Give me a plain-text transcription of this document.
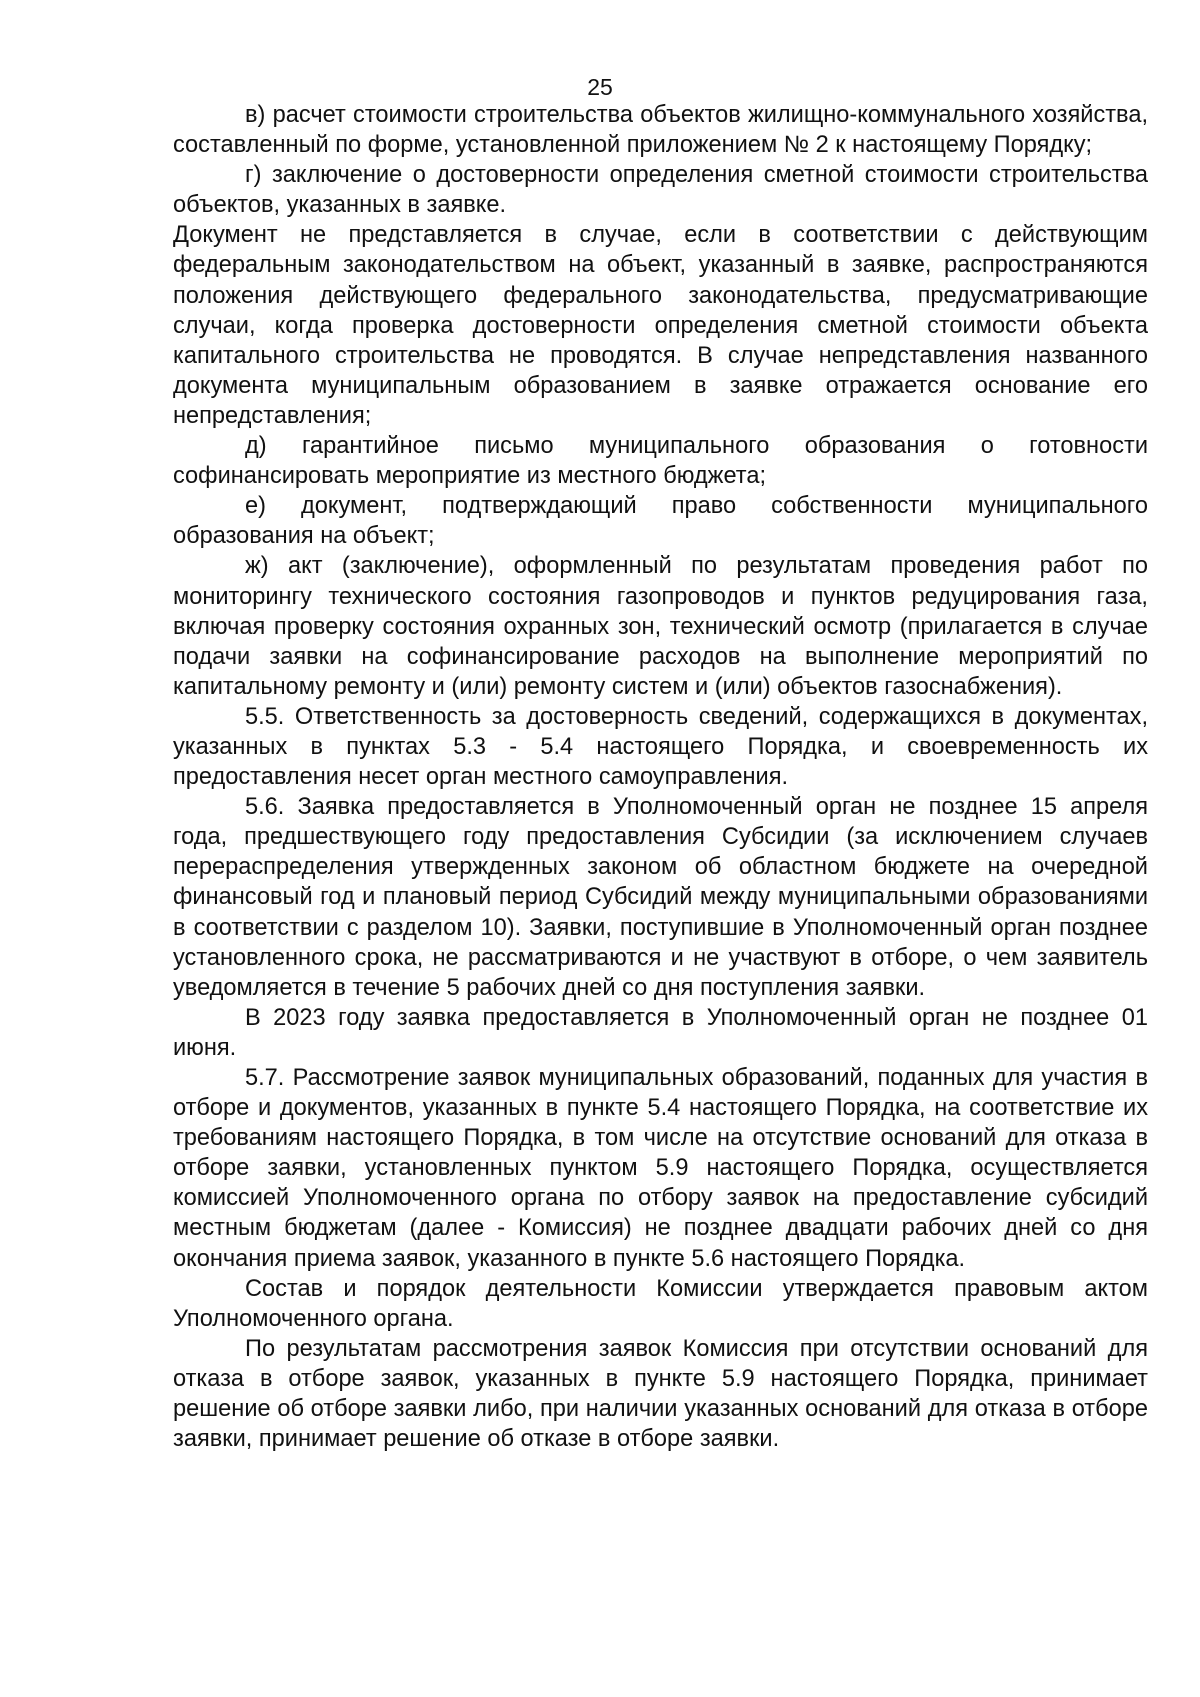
25

в) расчет стоимости строительства объектов жилищно-коммунального хозяйства, составленный по форме, установленной приложением № 2 к настоящему Порядку;

г) заключение о достоверности определения сметной стоимости строительства объектов, указанных в заявке.

Документ не представляется в случае, если в соответствии с действующим федеральным законодательством на объект, указанный в заявке, распространяются положения действующего федерального законодательства, предусматривающие случаи, когда проверка достоверности определения сметной стоимости объекта капитального строительства не проводятся. В случае непредставления названного документа муниципальным образованием в заявке отражается основание его непредставления;

д) гарантийное письмо муниципального образования о готовности софинансировать мероприятие из местного бюджета;

е) документ, подтверждающий право собственности муниципального образования на объект;

ж) акт (заключение), оформленный по результатам проведения работ по мониторингу технического состояния газопроводов и пунктов редуцирования газа, включая проверку состояния охранных зон, технический осмотр (прилагается в случае подачи заявки на софинансирование расходов на выполнение мероприятий по капитальному ремонту и (или) ремонту систем и (или) объектов газоснабжения).

5.5. Ответственность за достоверность сведений, содержащихся в документах, указанных в пунктах 5.3 - 5.4 настоящего Порядка, и своевременность их предоставления несет орган местного самоуправления.

5.6. Заявка предоставляется в Уполномоченный орган не позднее 15 апреля года, предшествующего году предоставления Субсидии (за исключением случаев перераспределения утвержденных законом об областном бюджете на очередной финансовый год и плановый период Субсидий между муниципальными образованиями в соответствии с разделом 10). Заявки, поступившие в Уполномоченный орган позднее установленного срока, не рассматриваются и не участвуют в отборе, о чем заявитель уведомляется в течение 5 рабочих дней со дня поступления заявки.

В 2023 году заявка предоставляется в Уполномоченный орган не позднее 01 июня.

5.7. Рассмотрение заявок муниципальных образований, поданных для участия в отборе и документов, указанных в пункте 5.4 настоящего Порядка, на соответствие их требованиям настоящего Порядка, в том числе на отсутствие оснований для отказа в отборе заявки, установленных пунктом 5.9 настоящего Порядка, осуществляется комиссией Уполномоченного органа по отбору заявок на предоставление субсидий местным бюджетам (далее - Комиссия) не позднее двадцати рабочих дней со дня окончания приема заявок, указанного в пункте 5.6 настоящего Порядка.

Состав и порядок деятельности Комиссии утверждается правовым актом Уполномоченного органа.

По результатам рассмотрения заявок Комиссия при отсутствии оснований для отказа в отборе заявок, указанных в пункте 5.9 настоящего Порядка, принимает решение об отборе заявки либо, при наличии указанных оснований для отказа в отборе заявки, принимает решение об отказе в отборе заявки.
